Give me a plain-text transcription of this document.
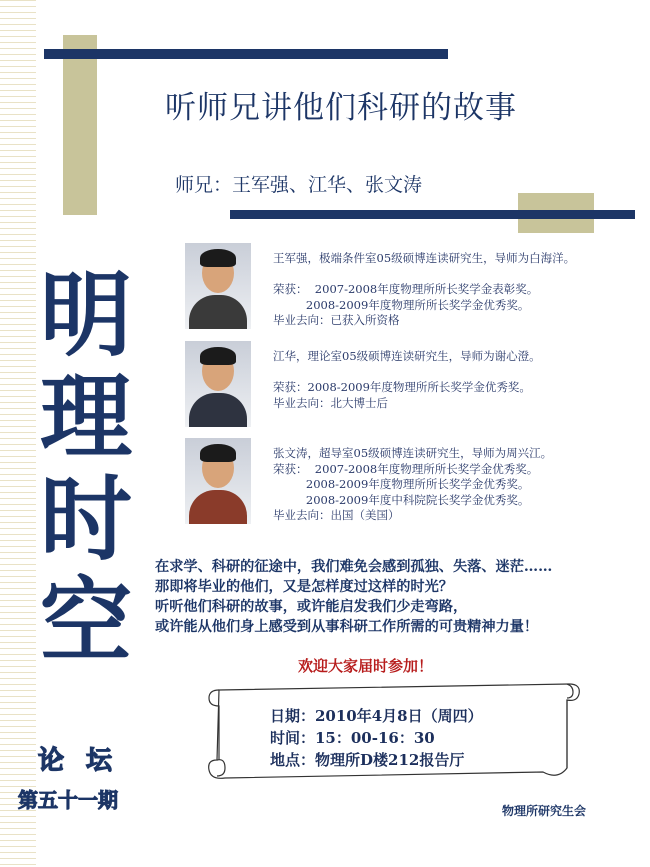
听师兄讲他们科研的故事
师兄：王军强、江华、张文涛
明
理
时
空
王军强，极端条件室05级硕博连读研究生，导师为白海洋。
荣获：  2007-2008年度物理所所长奖学金表彰奖。
2008-2009年度物理所所长奖学金优秀奖。
毕业去向：已获入所资格
江华，理论室05级硕博连读研究生，导师为谢心澄。
荣获：2008-2009年度物理所所长奖学金优秀奖。
毕业去向：北大博士后
张文涛，超导室05级硕博连读研究生，导师为周兴江。
荣获：  2007-2008年度物理所所长奖学金优秀奖。
2008-2009年度物理所所长奖学金优秀奖。
2008-2009年度中科院院长奖学金优秀奖。
毕业去向：出国（美国）
在求学、科研的征途中，我们难免会感到孤独、失落、迷茫……
那即将毕业的他们，又是怎样度过这样的时光？
听听他们科研的故事，或许能启发我们少走弯路，
或许能从他们身上感受到从事科研工作所需的可贵精神力量！
欢迎大家届时参加！
日期：2010年4月8日（周四）
时间：15：00-16：30
地点：物理所D楼212报告厅
论坛
第五十一期	物理所研究生会
